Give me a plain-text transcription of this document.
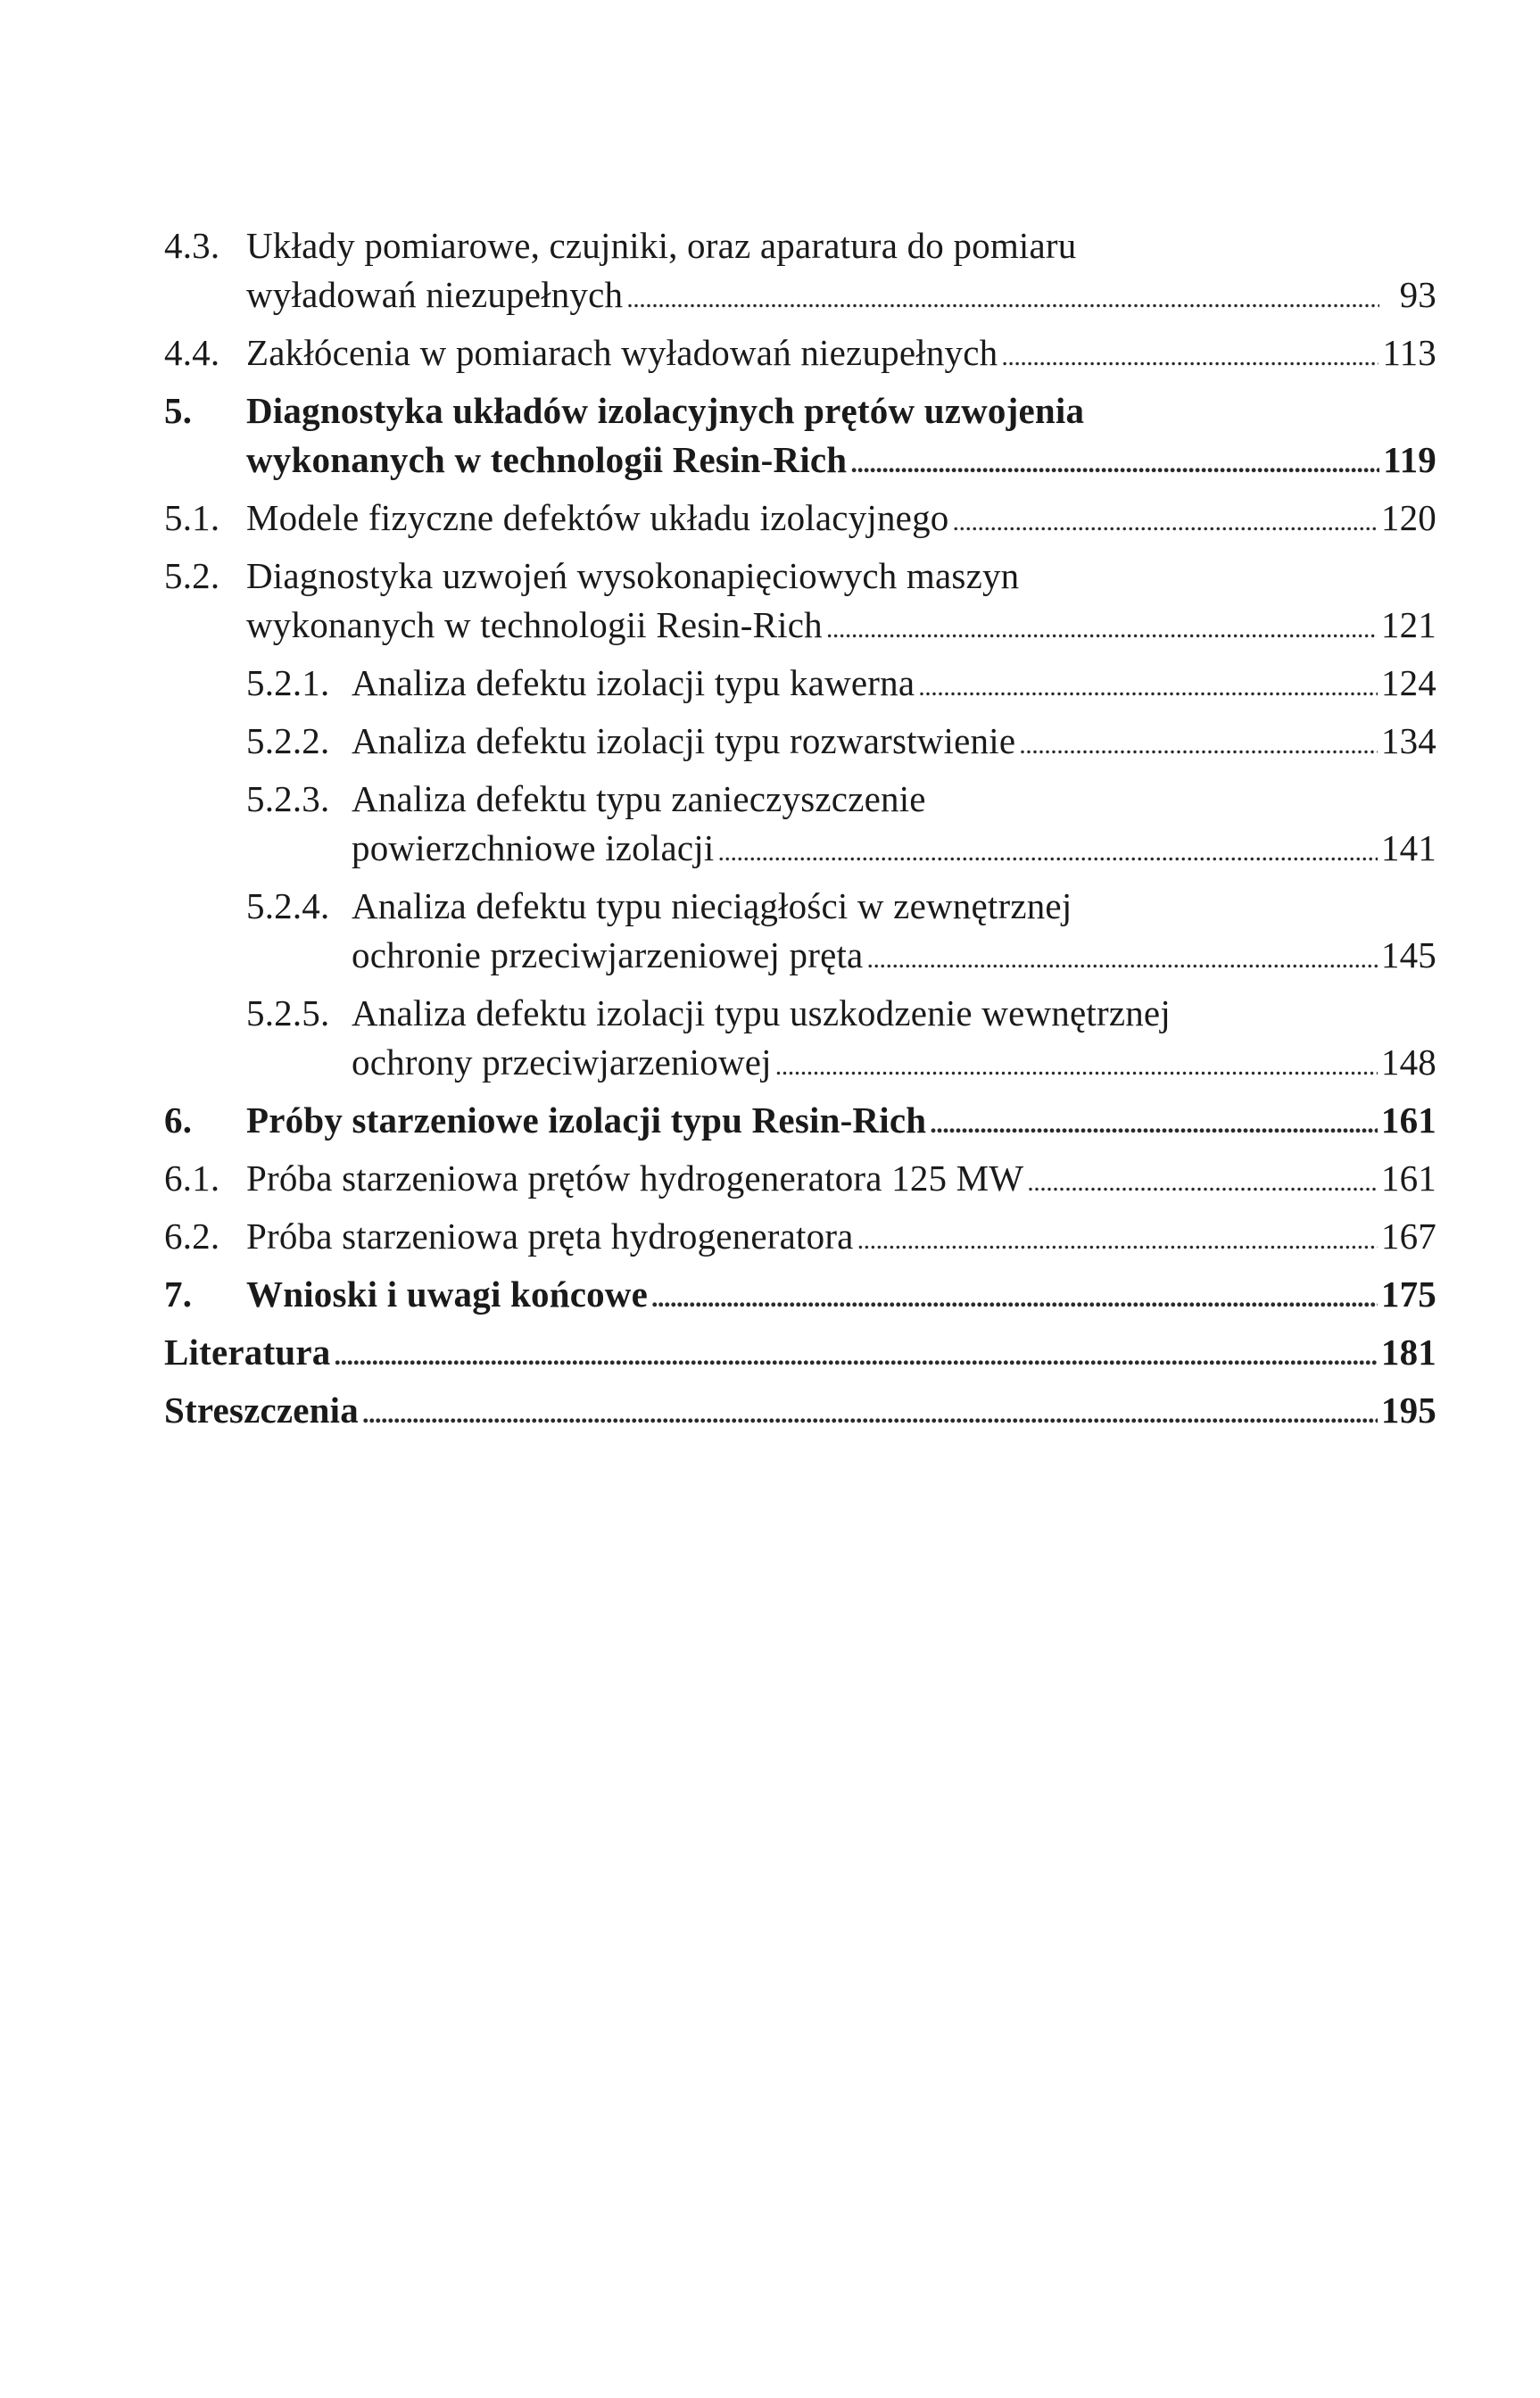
4.3. Układy pomiarowe, czujniki, oraz aparatura do pomiaru
wyładowań niezupełnych . . .	93
4.4. Zakłócenia w pomiarach wyładowań niezupełnych . . .	113
5.	Diagnostyka układów izolacyjnych prętów uzwojenia
wykonanych w technologii Resin-Rich . . .	119
5.1. Modele fizyczne defektów układu izolacyjnego . . .	120
5.2. Diagnostyka uzwojeń wysokonapięciowych maszyn
wykonanych w technologii Resin-Rich . . .	121
5.2.1. Analiza defektu izolacji typu kawerna . . .	124
5.2.2. Analiza defektu izolacji typu rozwarstwienie . . .	134
5.2.3. Analiza defektu typu zanieczyszczenie
powierzchniowe izolacji . . .	141
5.2.4. Analiza defektu typu nieciągłości w zewnętrznej
ochronie przeciwjarzeniowej pręta . . .	145
5.2.5. Analiza defektu izolacji typu uszkodzenie wewnętrznej
ochrony przeciwjarzeniowej . . .	148
6.	Próby starzeniowe izolacji typu Resin-Rich . . .	161
6.1. Próba starzeniowa prętów hydrogeneratora 125 MW . . .	161
6.2. Próba starzeniowa pręta hydrogeneratora . . .	167
7.	Wnioski i uwagi końcowe . . .	175
Literatura . . .	181
Streszczenia . . .	195
